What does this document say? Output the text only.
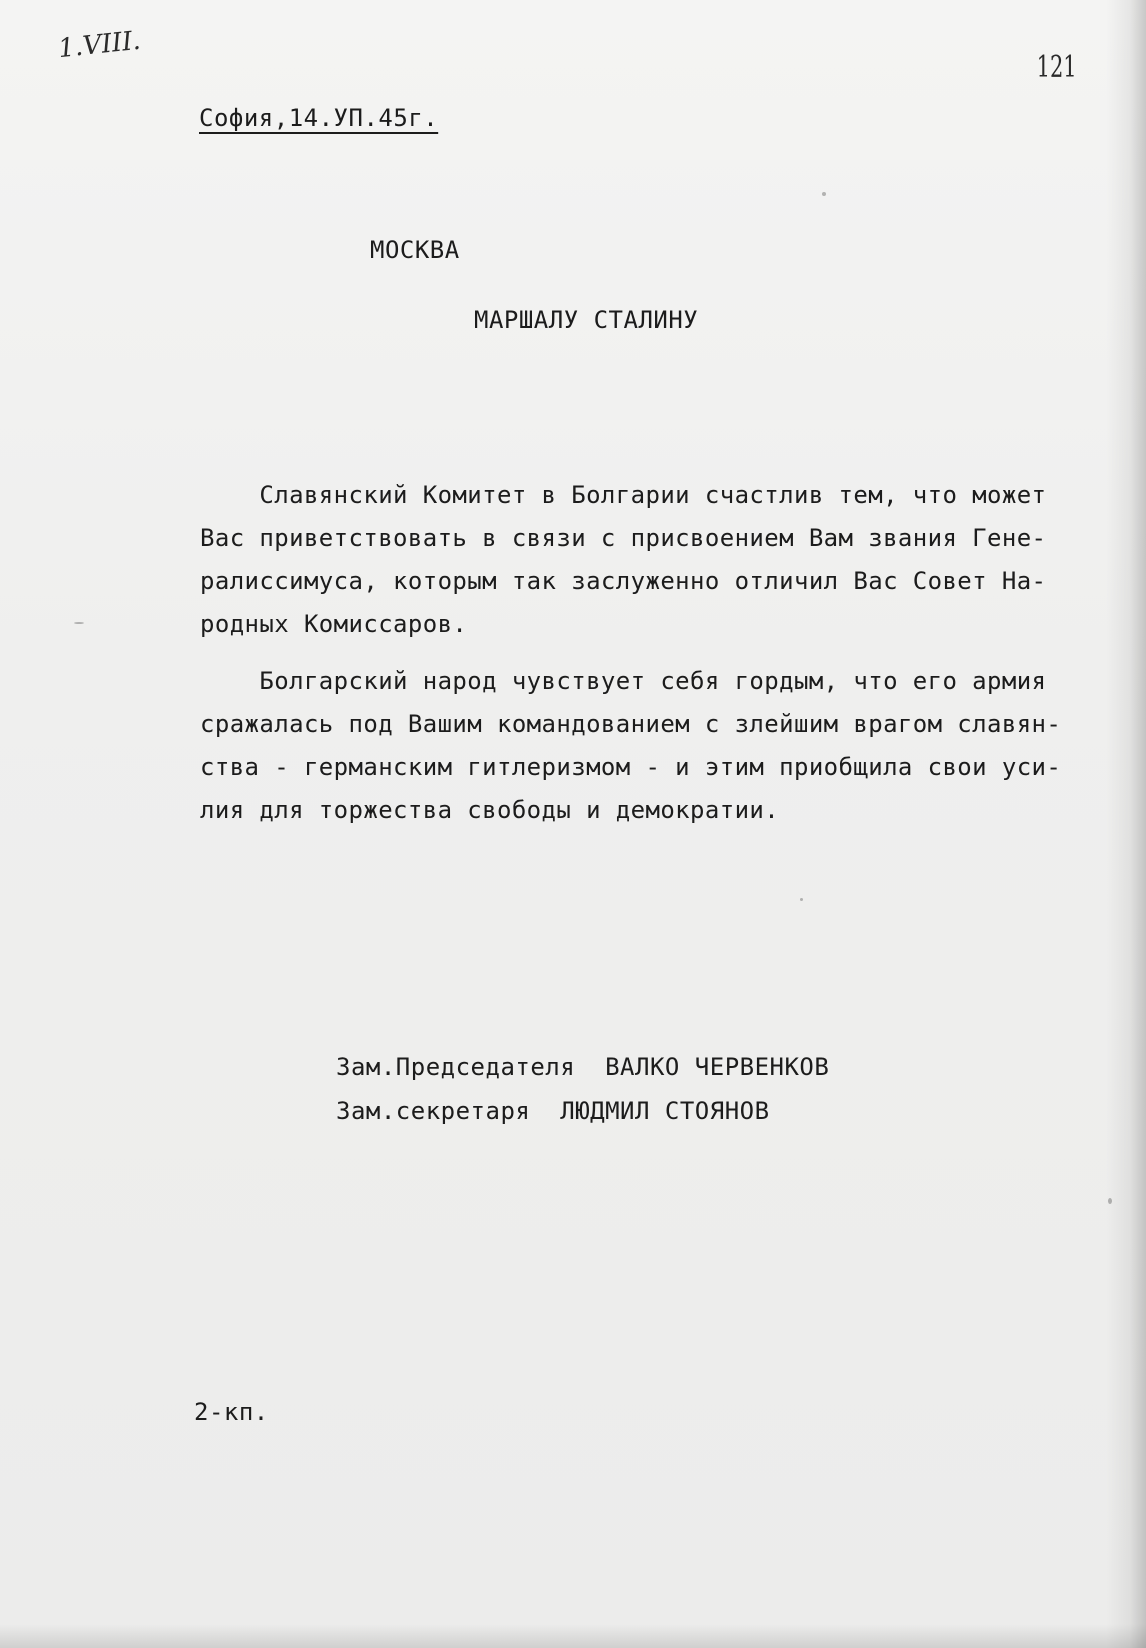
1.VIII.
121
София,14.УП.45г.
МОСКВА
МАРШАЛУ СТАЛИНУ
Славянский Комитет в Болгарии счастлив тем, что может
Вас приветствовать в связи с присвоением Вам звания Гене-
ралиссимуса, которым так заслуженно отличил Вас Совет На-
родных Комиссаров.
Болгарский народ чувствует себя гордым, что его армия
сражалась под Вашим командованием с злейшим врагом славян-
ства - германским гитлеризмом - и этим приобщила свои уси-
лия для торжества свободы и демократии.
Зам.Председателя ВАЛКО ЧЕРВЕНКОВ
Зам.секретаря ЛЮДМИЛ СТОЯНОВ
2-кп.
